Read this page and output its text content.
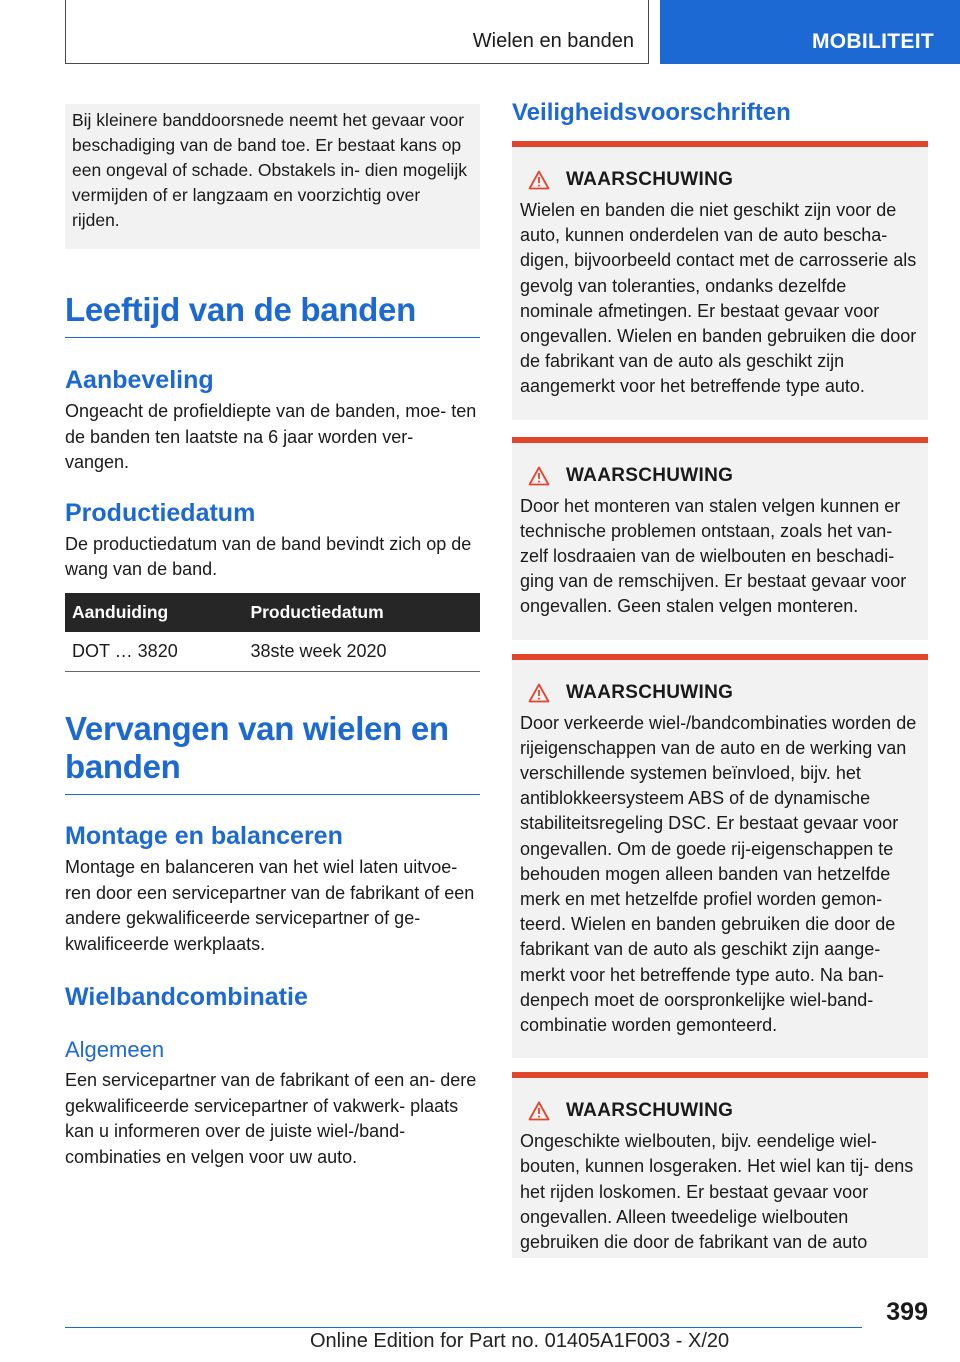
Wielen en banden	MOBILITEIT
Bij kleinere banddoorsnede neemt het gevaar voor beschadiging van de band toe. Er bestaat kans op een ongeval of schade. Obstakels in- dien mogelijk vermijden of er langzaam en voorzichtig over rijden.
Leeftijd van de banden
Aanbeveling
Ongeacht de profieldiepte van de banden, moe- ten de banden ten laatste na 6 jaar worden ver- vangen.
Productiedatum
De productiedatum van de band bevindt zich op de wang van de band.
Aanduiding	Productiedatum
DOT … 3820	38ste week 2020
Vervangen van wielen en banden
Montage en balanceren
Montage en balanceren van het wiel laten uitvoe- ren door een servicepartner van de fabrikant of een andere gekwalificeerde servicepartner of ge- kwalificeerde werkplaats.
Wielbandcombinatie
Algemeen
Een servicepartner van de fabrikant of een an- dere gekwalificeerde servicepartner of vakwerk- plaats kan u informeren over de juiste wiel-/band- combinaties en velgen voor uw auto.
Veiligheidsvoorschriften
WAARSCHUWING
Wielen en banden die niet geschikt zijn voor de auto, kunnen onderdelen van de auto bescha- digen, bijvoorbeeld contact met de carrosserie als gevolg van toleranties, ondanks dezelfde nominale afmetingen. Er bestaat gevaar voor ongevallen. Wielen en banden gebruiken die door de fabrikant van de auto als geschikt zijn aangemerkt voor het betreffende type auto.
WAARSCHUWING
Door het monteren van stalen velgen kunnen er technische problemen ontstaan, zoals het van- zelf losdraaien van de wielbouten en beschadi- ging van de remschijven. Er bestaat gevaar voor ongevallen. Geen stalen velgen monteren.
WAARSCHUWING
Door verkeerde wiel-/bandcombinaties worden de rijeigenschappen van de auto en de werking van verschillende systemen beïnvloed, bijv. het antiblokkeersysteem ABS of de dynamische stabiliteitsregeling DSC. Er bestaat gevaar voor ongevallen. Om de goede rij-eigenschappen te behouden mogen alleen banden van hetzelfde merk en met hetzelfde profiel worden gemon- teerd. Wielen en banden gebruiken die door de fabrikant van de auto als geschikt zijn aange- merkt voor het betreffende type auto. Na ban- denpech moet de oorspronkelijke wiel-band- combinatie worden gemonteerd.
WAARSCHUWING
Ongeschikte wielbouten, bijv. eendelige wiel- bouten, kunnen losgeraken. Het wiel kan tij- dens het rijden loskomen. Er bestaat gevaar voor ongevallen. Alleen tweedelige wielbouten gebruiken die door de fabrikant van de auto
399
Online Edition for Part no. 01405A1F003 - X/20
